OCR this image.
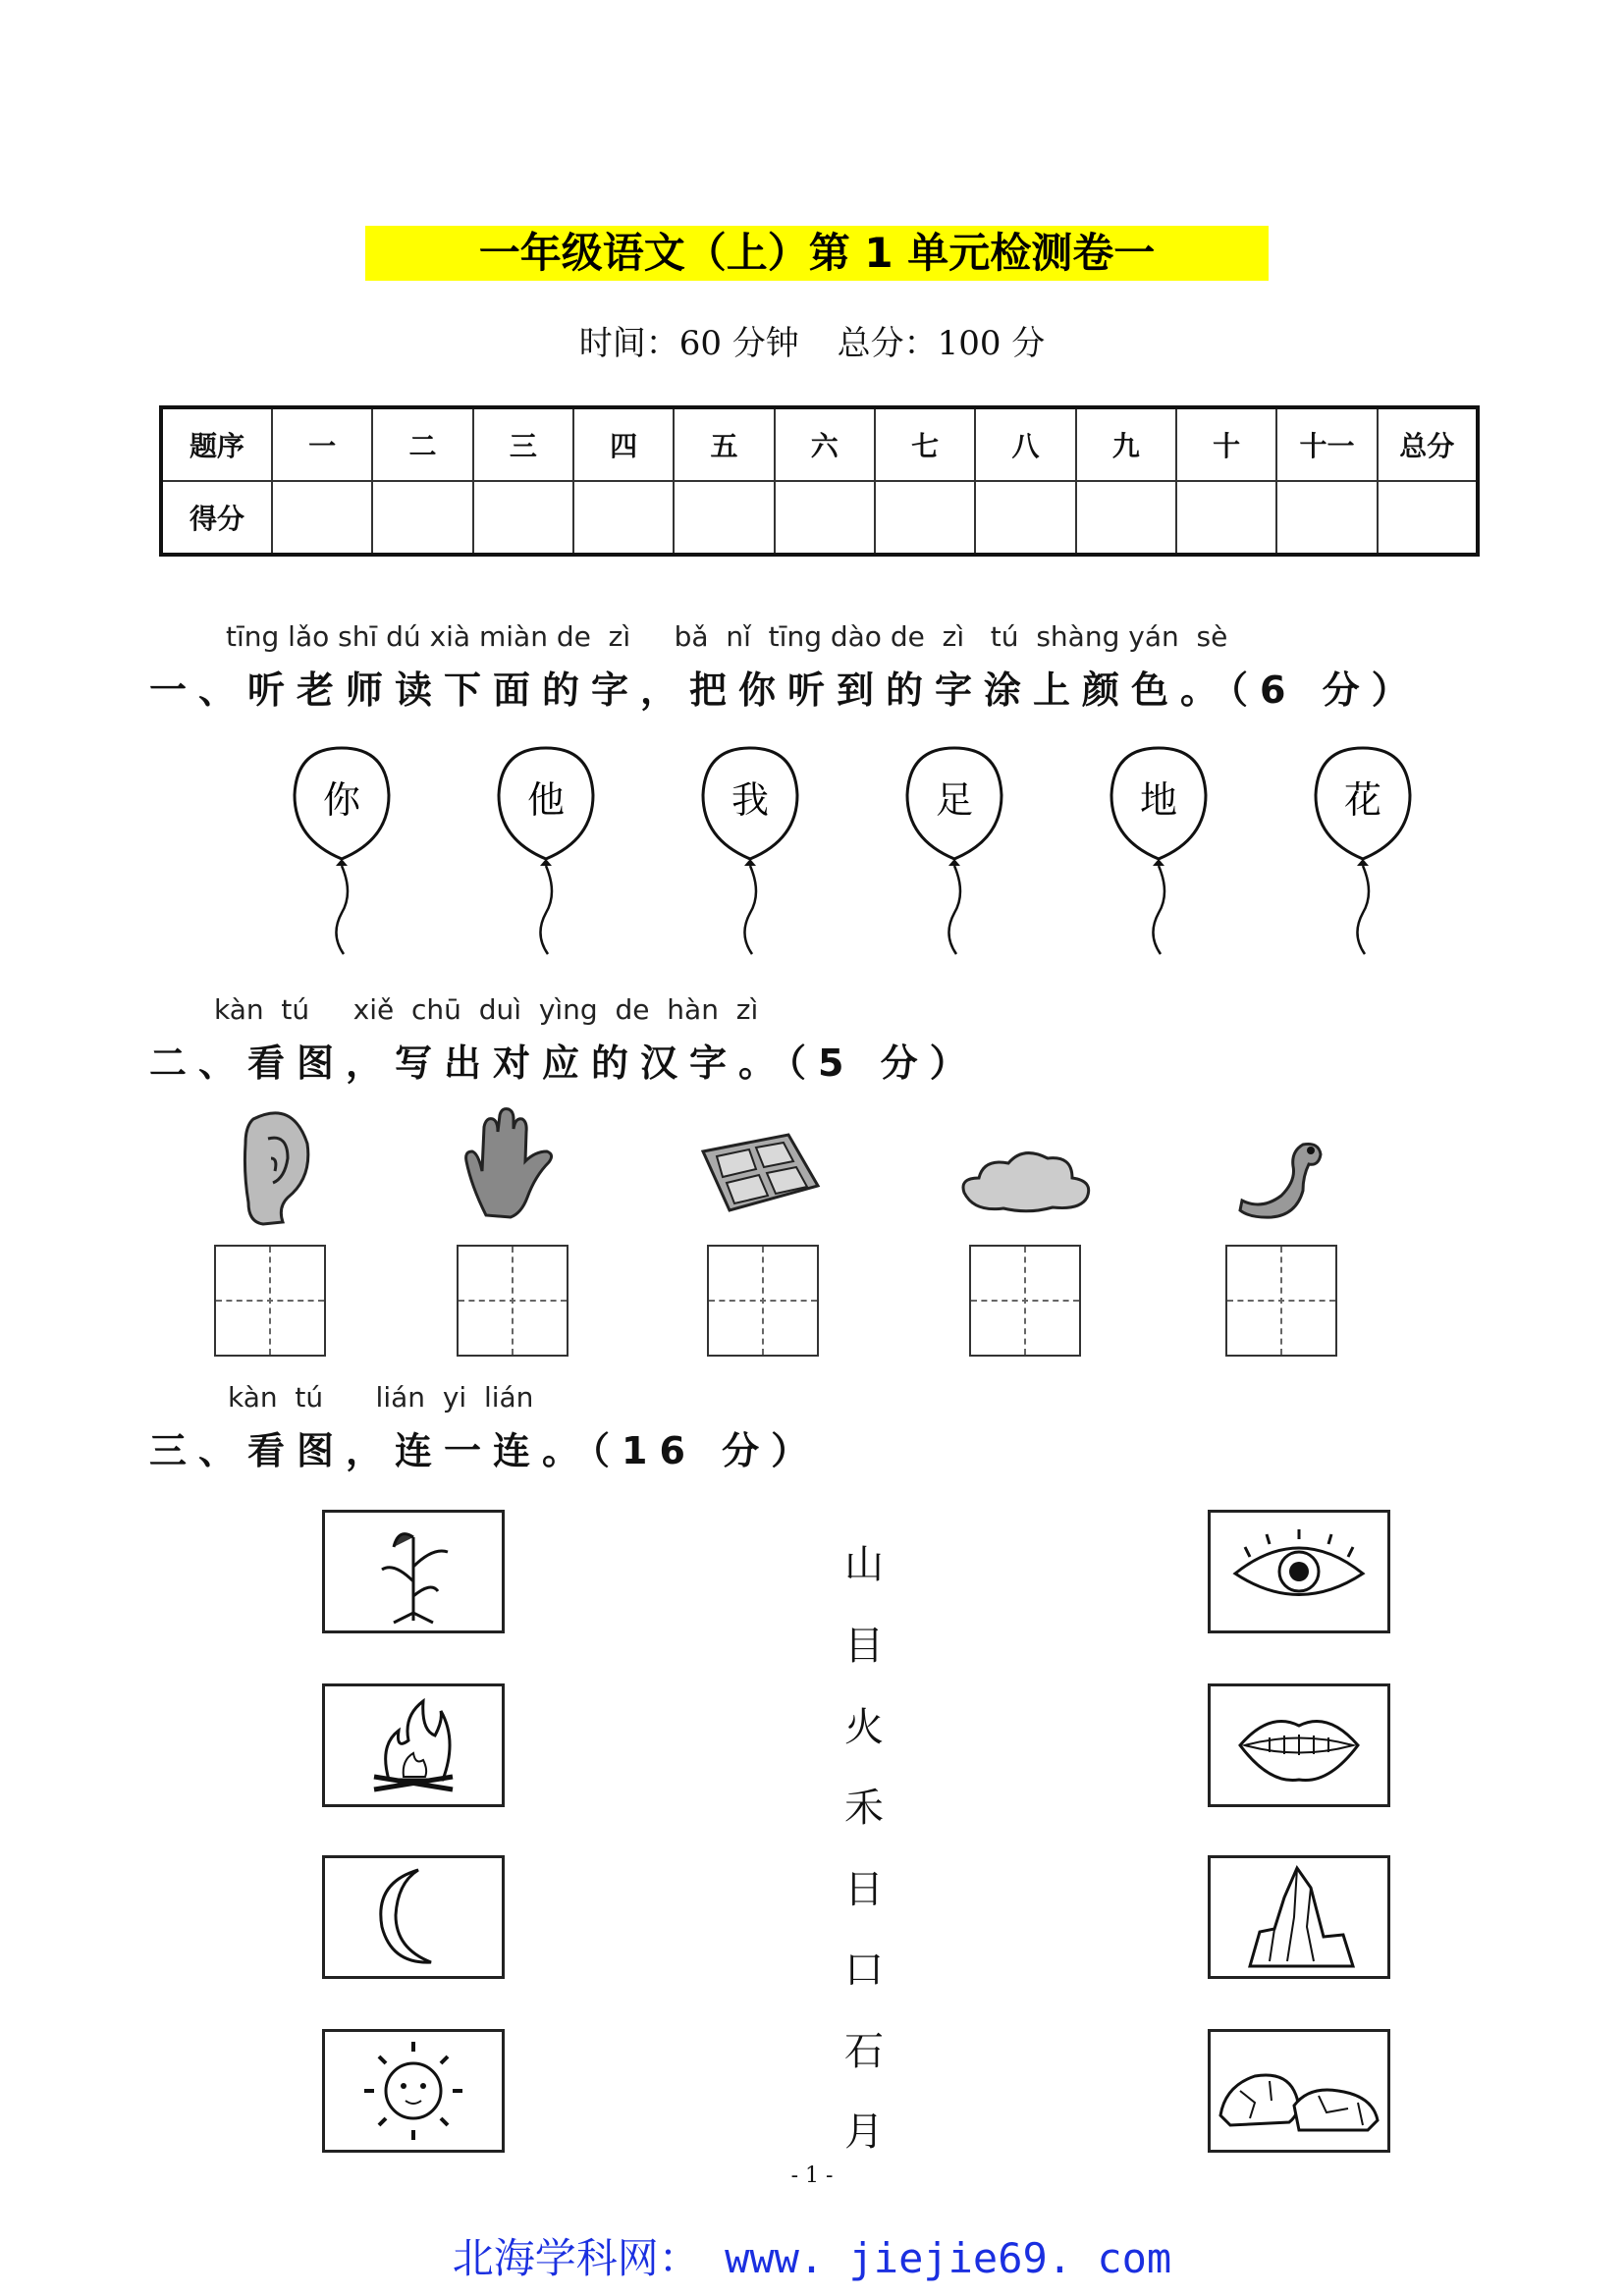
一年级语文（上）第 1 单元检测卷一
时间：60 分钟 总分：100 分
题序	一	二	三	四	五	六	七	八	九	十	十一	总分
得分												
tīng lǎo shī dú xià miàn de  zì     bǎ  nǐ  tīng dào de  zì   tú  shàng yán  sè
一、听老师读下面的字，把你听到的字涂上颜色。（6 分）
你	他	我	足	地	花
kàn  tú     xiě  chū  duì  yìng  de  hàn  zì
二、看图，写出对应的汉字。（5 分）
kàn  tú      lián  yi  lián
三、看图，连一连。（16 分）
山
目
火
禾
日
口
石
月
- 1 -
北海学科网： www. jiejie69. com
